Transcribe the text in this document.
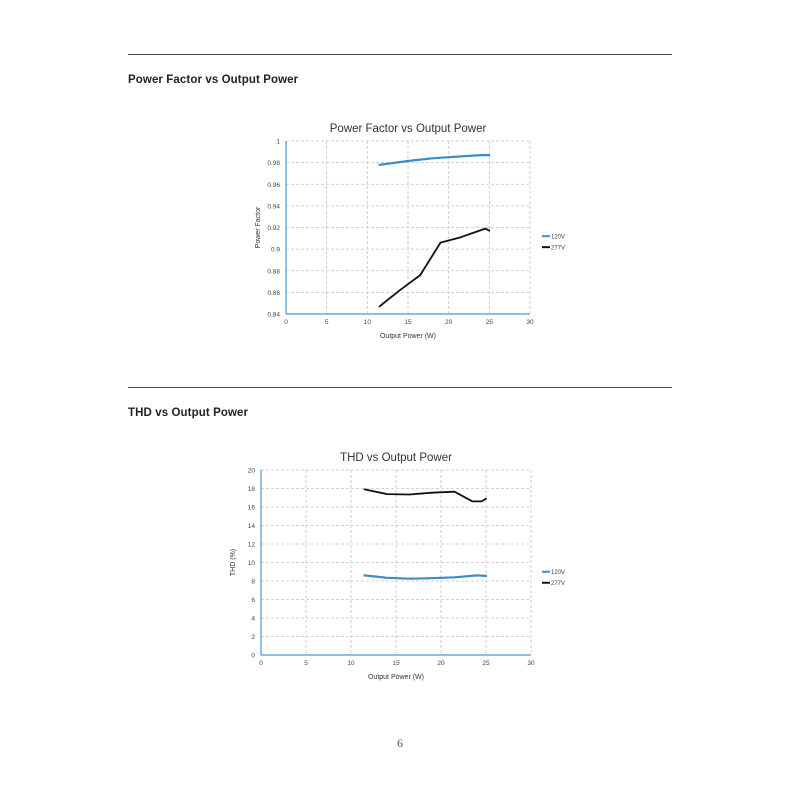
Power Factor vs Output Power
Power Factor vs Output Power
0.84
0.86
0.88
0.9
0.92
0.94
0.96
0.98
1
0	5	10	15	20	25	30
Output Power (W)
Power Factor	120V
277V
THD vs Output Power
THD vs Output Power
0
2
4
6
8
10
12
14
16
18
20
0	5	10	15	20	25	30
Output Power (W)
THD (%)	120V
277V
6
